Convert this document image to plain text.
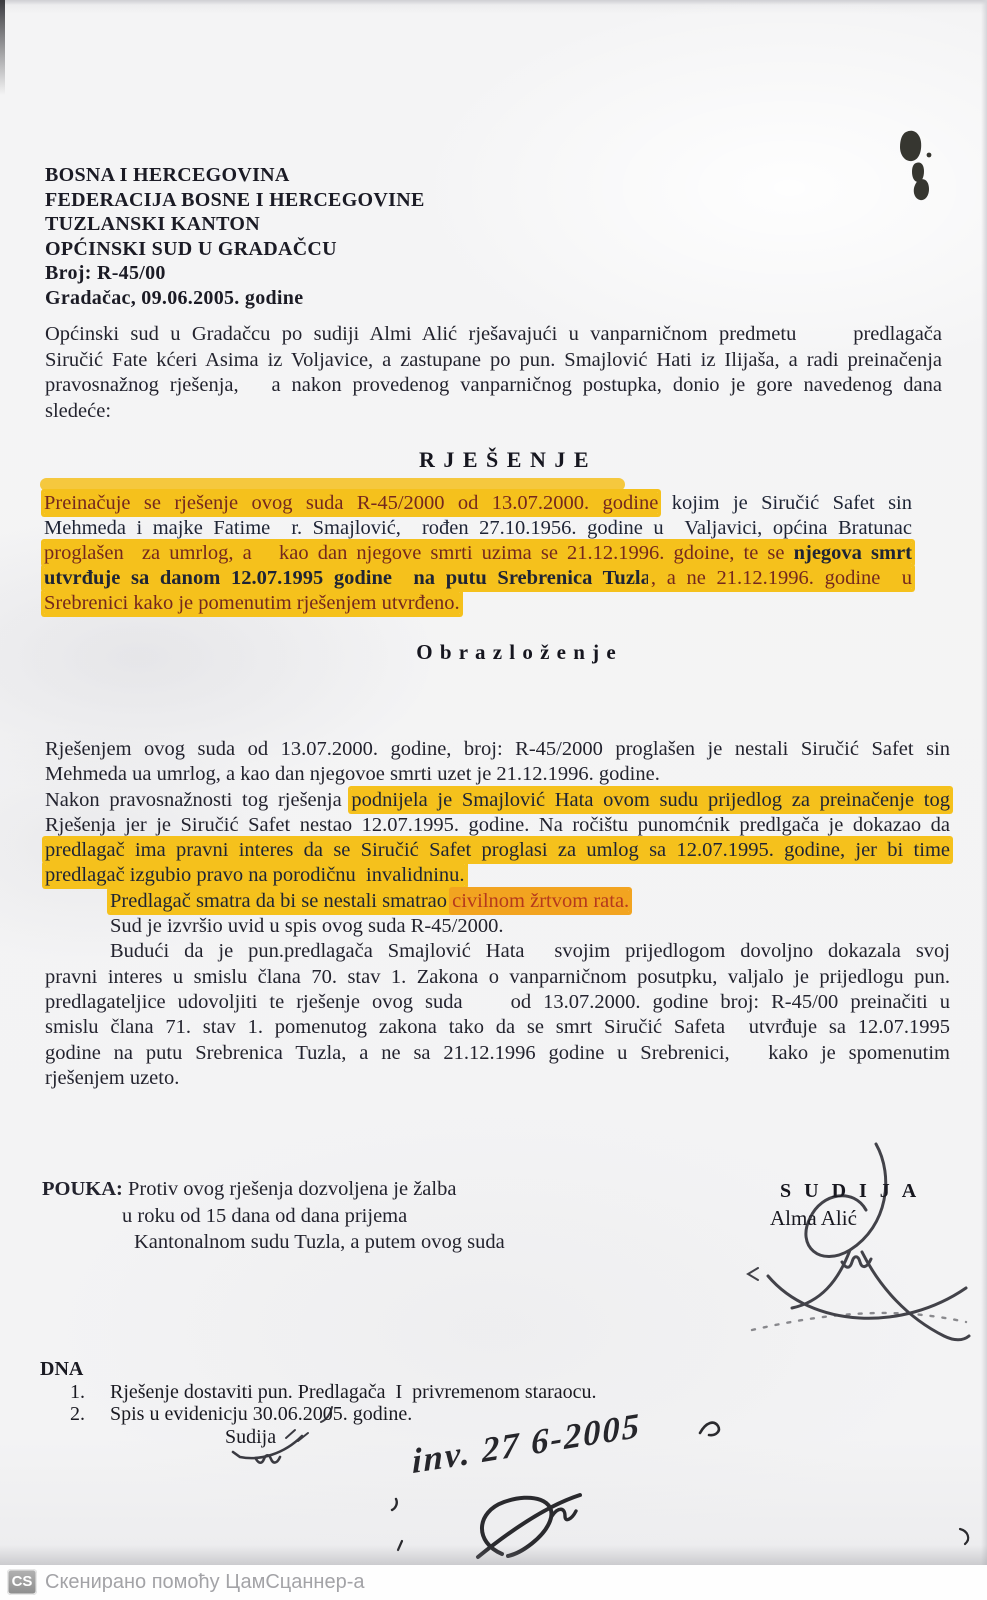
BOSNA I HERCEGOVINA
FEDERACIJA BOSNE I HERCEGOVINE
TUZLANSKI KANTON
OPĆINSKI SUD U GRADAČCU
Broj: R-45/00
Gradačac, 09.06.2005. godine
Općinski sud u Gradačcu po sudiji Almi Alić rješavajući u vanparničnom predmetu     predlagača
Siručić Fate kćeri Asima iz Voljavice, a zastupane po pun. Smajlović Hati iz Ilijaša, a radi preinačenja
pravosnažnog rješenja,   a nakon provedenog vanparničnog postupka, donio je gore navedenog dana
sledeće:
R J E Š E N J E
Preinačuje se rješenje ovog suda R-45/2000 od 13.07.2000. godine kojim je Siručić Safet sin
Mehmeda i majke Fatime  r. Smajlović,  rođen 27.10.1956. godine u  Valjavici, općina Bratunac
proglašen  za umrlog, a   kao dan njegove smrti uzima se 21.12.1996. gdoine, te se njegova smrt
utvrđuje sa danom 12.07.1995 godine  na putu Srebrenica Tuzla, a ne 21.12.1996. godine  u
Srebrenici kako je pomenutim rješenjem utvrđeno.
O b r a z l o ž e n j e
Rješenjem ovog suda od 13.07.2000. godine, broj: R-45/2000 proglašen je nestali Siručić Safet sin
Mehmeda ua umrlog, a kao dan njegovoe smrti uzet je 21.12.1996. godine.
Nakon pravosnažnosti tog rješenja podnijela je Smajlović Hata ovom sudu prijedlog za preinačenje tog
Rješenja jer je Siručić Safet nestao 12.07.1995. godine. Na ročištu punomćnik predlgača je dokazao da
predlagač ima pravni interes da se Siručić Safet proglasi za umlog sa 12.07.1995. godine, jer bi time
predlagač izgubio pravo na porodičnu  invalidninu.
Predlagač smatra da bi se nestali smatrao civilnom žrtvom rata.
Sud je izvršio uvid u spis ovog suda R-45/2000.
Budući da je pun.predlagača Smajlović Hata  svojim prijedlogom dovoljno dokazala svoj
pravni interes u smislu člana 70. stav 1. Zakona o vanparničnom posutpku, valjalo je prijedlogu pun.
predlagateljice udovoljiti te rješenje ovog suda    od 13.07.2000. godine broj: R-45/00 preinačiti u
smislu člana 71. stav 1. pomenutog zakona tako da se smrt Siručić Safeta  utvrđuje sa 12.07.1995
godine na putu Srebrenica Tuzla, a ne sa 21.12.1996 godine u Srebrenici,   kako je spomenutim
rješenjem uzeto.
POUKA: Protiv ovog rješenja dozvoljena je žalba
u roku od 15 dana od dana prijema
Kantonalnom sudu Tuzla, a putem ovog suda
S U D I J A
Alma Alić
DNA
1.     Rješenje dostaviti pun. Predlagača  I  privremenom staraocu.
2.     Spis u evidenicju 30.06.2005. godine.
Sudija	inv. 27 6-2005
CS Скенирано помоћу ЦамСцаннер-а
